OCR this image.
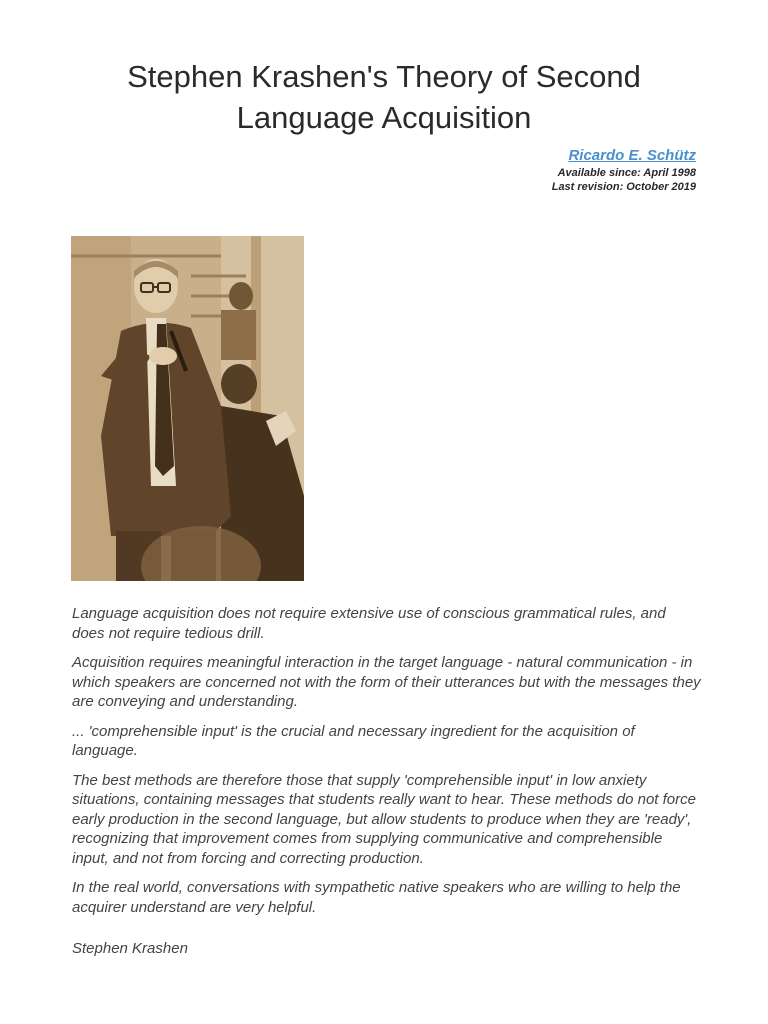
Stephen Krashen's Theory of Second
Language Acquisition
Ricardo E. Schütz
Available since: April 1998
Last revision: October 2019

Language acquisition does not require extensive use of conscious grammatical rules, and does not require tedious drill.

Acquisition requires meaningful interaction in the target language - natural communication - in which speakers are concerned not with the form of their utterances but with the messages they are conveying and understanding.

... 'comprehensible input' is the crucial and necessary ingredient for the acquisition of language.

The best methods are therefore those that supply 'comprehensible input' in low anxiety situations, containing messages that students really want to hear. These methods do not force early production in the second language, but allow students to produce when they are 'ready', recognizing that improvement comes from supplying communicative and comprehensible input, and not from forcing and correcting production.

In the real world, conversations with sympathetic native speakers who are willing to help the acquirer understand are very helpful.

Stephen Krashen
